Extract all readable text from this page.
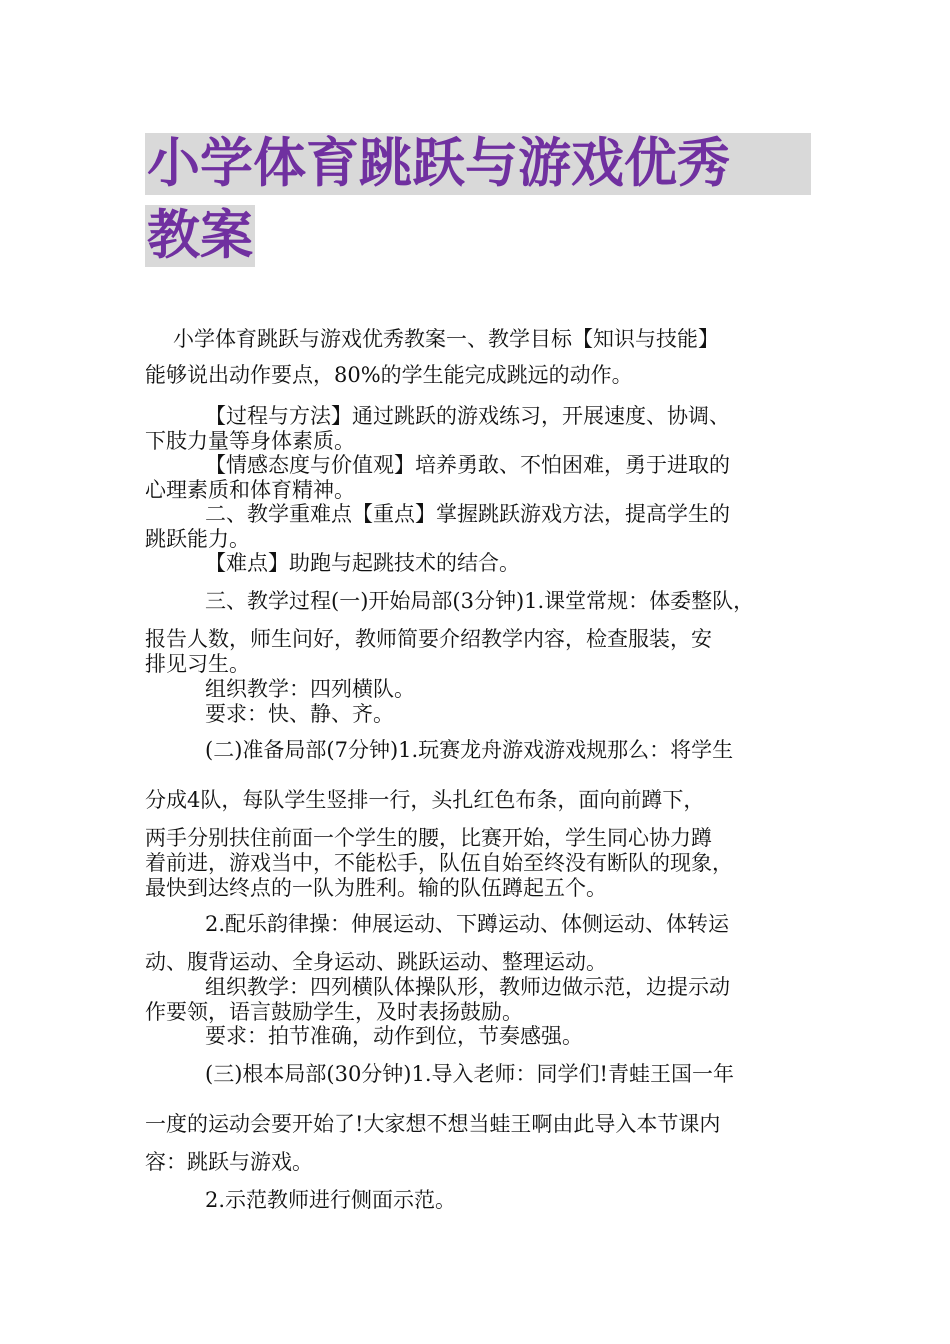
小学体育跳跃与游戏优秀
教案
小学体育跳跃与游戏优秀教案一、教学目标【知识与技能】
能够说出动作要点，80%的学生能完成跳远的动作。
【过程与方法】通过跳跃的游戏练习，开展速度、协调、
下肢力量等身体素质。
【情感态度与价值观】培养勇敢、不怕困难，勇于进取的
心理素质和体育精神。
二、教学重难点【重点】掌握跳跃游戏方法，提高学生的
跳跃能力。
【难点】助跑与起跳技术的结合。
三、教学过程(一)开始局部(3分钟)1.课堂常规：体委整队，
报告人数，师生问好，教师简要介绍教学内容，检查服装，安
排见习生。
组织教学：四列横队。
要求：快、静、齐。
(二)准备局部(7分钟)1.玩赛龙舟游戏游戏规那么：将学生
分成4队，每队学生竖排一行，头扎红色布条，面向前蹲下，
两手分别扶住前面一个学生的腰，比赛开始，学生同心协力蹲
着前进，游戏当中，不能松手，队伍自始至终没有断队的现象，
最快到达终点的一队为胜利。输的队伍蹲起五个。
2.配乐韵律操：伸展运动、下蹲运动、体侧运动、体转运
动、腹背运动、全身运动、跳跃运动、整理运动。
组织教学：四列横队体操队形，教师边做示范，边提示动
作要领，语言鼓励学生，及时表扬鼓励。
要求：拍节准确，动作到位，节奏感强。
(三)根本局部(30分钟)1.导入老师：同学们!青蛙王国一年
一度的运动会要开始了!大家想不想当蛙王啊由此导入本节课内
容：跳跃与游戏。
2.示范教师进行侧面示范。
